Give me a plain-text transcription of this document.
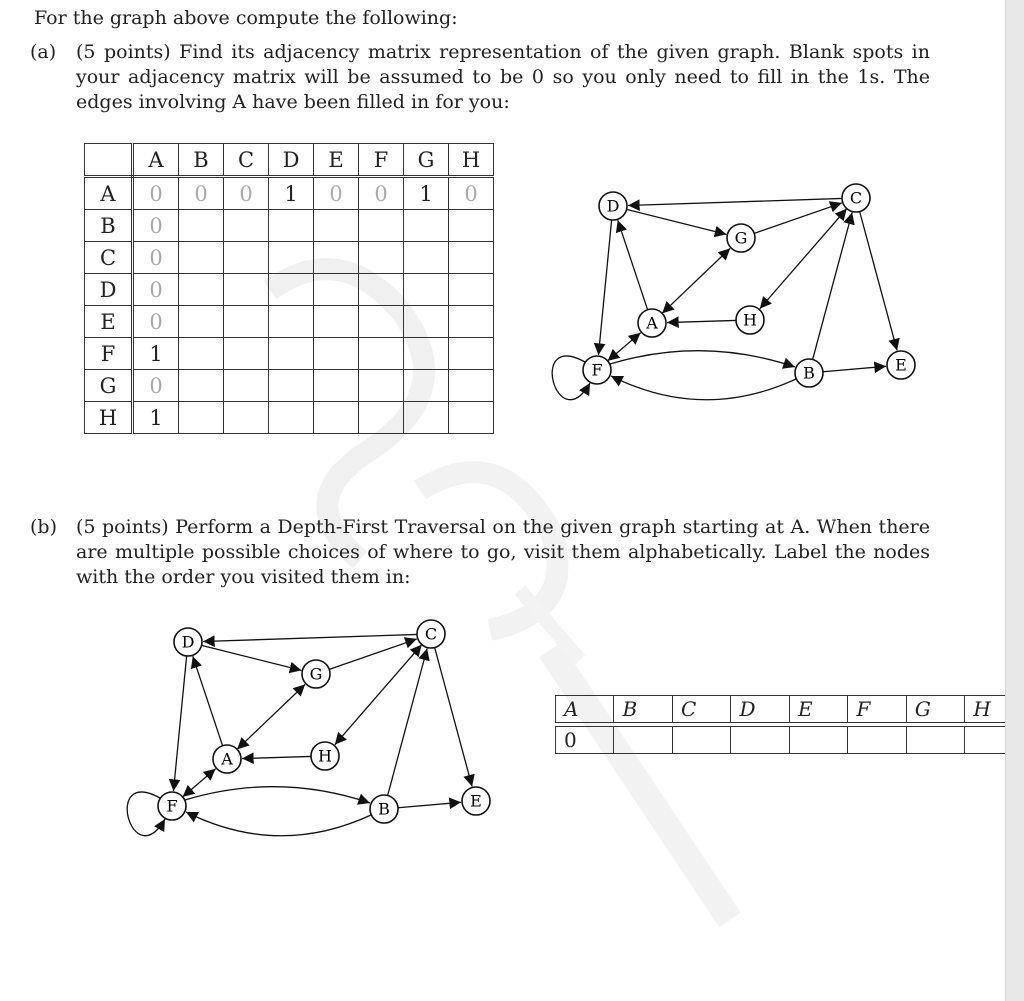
For the graph above compute the following:
(a) (5 points) Find its adjacency matrix representation of the given graph. Blank spots in your adjacency matrix will be assumed to be 0 so you only need to fill in the 1s. The edges involving A have been filled in for you:
	A	B	C	D	E	F	G	H
A	0	0	0	1	0	0	1	0
B	0							
C	0							
D	0							
E	0							
F	1							
G	0							
H	1							
A
B
C
D
E
F
G
H
(b) (5 points) Perform a Depth-First Traversal on the given graph starting at A. When there are multiple possible choices of where to go, visit them alphabetically. Label the nodes with the order you visited them in:
A
B
C
D
E
F
G
H
A	B	C	D	E	F	G	H

0							
